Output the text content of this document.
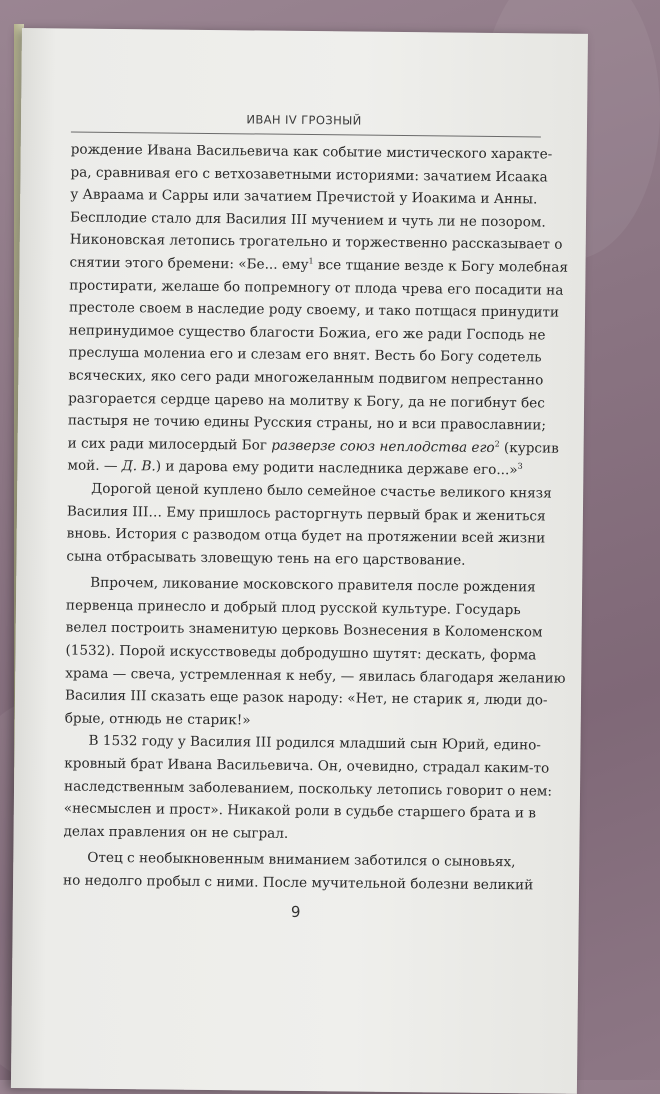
ИВАН IV ГРОЗНЫЙ
рождение Ивана Васильевича как событие мистического характе-
ра, сравнивая его с ветхозаветными историями: зачатием Исаака
у Авраама и Сарры или зачатием Пречистой у Иоакима и Анны.
Бесплодие стало для Василия III мучением и чуть ли не позором.
Никоновская летопись трогательно и торжественно рассказывает о
снятии этого бремени: «Бе... ему$^1$ все тщание везде к Богу молебная
простирати, желаше бо попремногу от плода чрева его посадити на
престоле своем в наследие роду своему, и тако потщася принудити
непринудимое существо благости Божиа, его же ради Господь не
преслуша молениа его и слезам его внят. Весть бо Богу содетель
всяческих, яко сего ради многожеланным подвигом непрестанно
разгорается сердце царево на молитву к Богу, да не погибнут бес
пастыря не точию едины Русския страны, но и вси православнии;
и сих ради милосердый Бог разверзе союз неплодства его$^2$ (курсив
мой. — Д. В.) и дарова ему родити наследника державе его...»$^3$
Дорогой ценой куплено было семейное счастье великого князя
Василия III… Ему пришлось расторгнуть первый брак и жениться
вновь. История с разводом отца будет на протяжении всей жизни
сына отбрасывать зловещую тень на его царствование.
Впрочем, ликование московского правителя после рождения
первенца принесло и добрый плод русской культуре. Государь
велел построить знаменитую церковь Вознесения в Коломенском
(1532). Порой искусствоведы добродушно шутят: дескать, форма
храма — свеча, устремленная к небу, — явилась благодаря желанию
Василия III сказать еще разок народу: «Нет, не старик я, люди до-
брые, отнюдь не старик!»
В 1532 году у Василия III родился младший сын Юрий, едино-
кровный брат Ивана Васильевича. Он, очевидно, страдал каким-то
наследственным заболеванием, поскольку летопись говорит о нем:
«несмыслен и прост». Никакой роли в судьбе старшего брата и в
делах правления он не сыграл.
Отец с необыкновенным вниманием заботился о сыновьях,
но недолго пробыл с ними. После мучительной болезни великий
9
